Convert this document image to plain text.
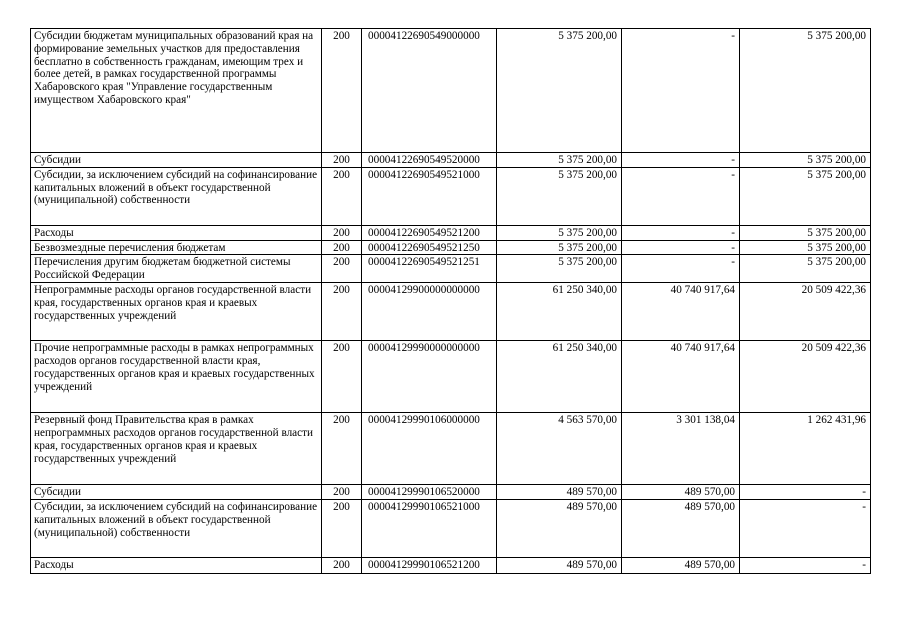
Субсидии бюджетам муниципальных образований края на формирование земельных участков для предоставления бесплатно в собственность гражданам, имеющим трех и более детей, в рамках государственной программы Хабаровского края "Управление государственным имуществом Хабаровского края"	200	00004122690549000000	5 375 200,00	-	5 375 200,00
Субсидии	200	00004122690549520000	5 375 200,00	-	5 375 200,00
Субсидии, за исключением субсидий на софинансирование капитальных вложений в объект государственной (муниципальной) собственности	200	00004122690549521000	5 375 200,00	-	5 375 200,00
Расходы	200	00004122690549521200	5 375 200,00	-	5 375 200,00
Безвозмездные перечисления бюджетам	200	00004122690549521250	5 375 200,00	-	5 375 200,00
Перечисления другим бюджетам бюджетной системы Российской Федерации	200	00004122690549521251	5 375 200,00	-	5 375 200,00
Непрограммные расходы органов государственной власти края, государственных органов края и краевых государственных учреждений	200	00004129900000000000	61 250 340,00	40 740 917,64	20 509 422,36
Прочие непрограммные расходы в рамках непрограммных расходов органов государственной власти края, государственных органов края и краевых государственных учреждений	200	00004129990000000000	61 250 340,00	40 740 917,64	20 509 422,36
Резервный фонд Правительства края в рамках непрограммных расходов органов государственной власти края, государственных органов края и краевых государственных учреждений	200	00004129990106000000	4 563 570,00	3 301 138,04	1 262 431,96
Субсидии	200	00004129990106520000	489 570,00	489 570,00	-
Субсидии, за исключением субсидий на софинансирование капитальных вложений в объект государственной (муниципальной) собственности	200	00004129990106521000	489 570,00	489 570,00	-
Расходы	200	00004129990106521200	489 570,00	489 570,00	-
